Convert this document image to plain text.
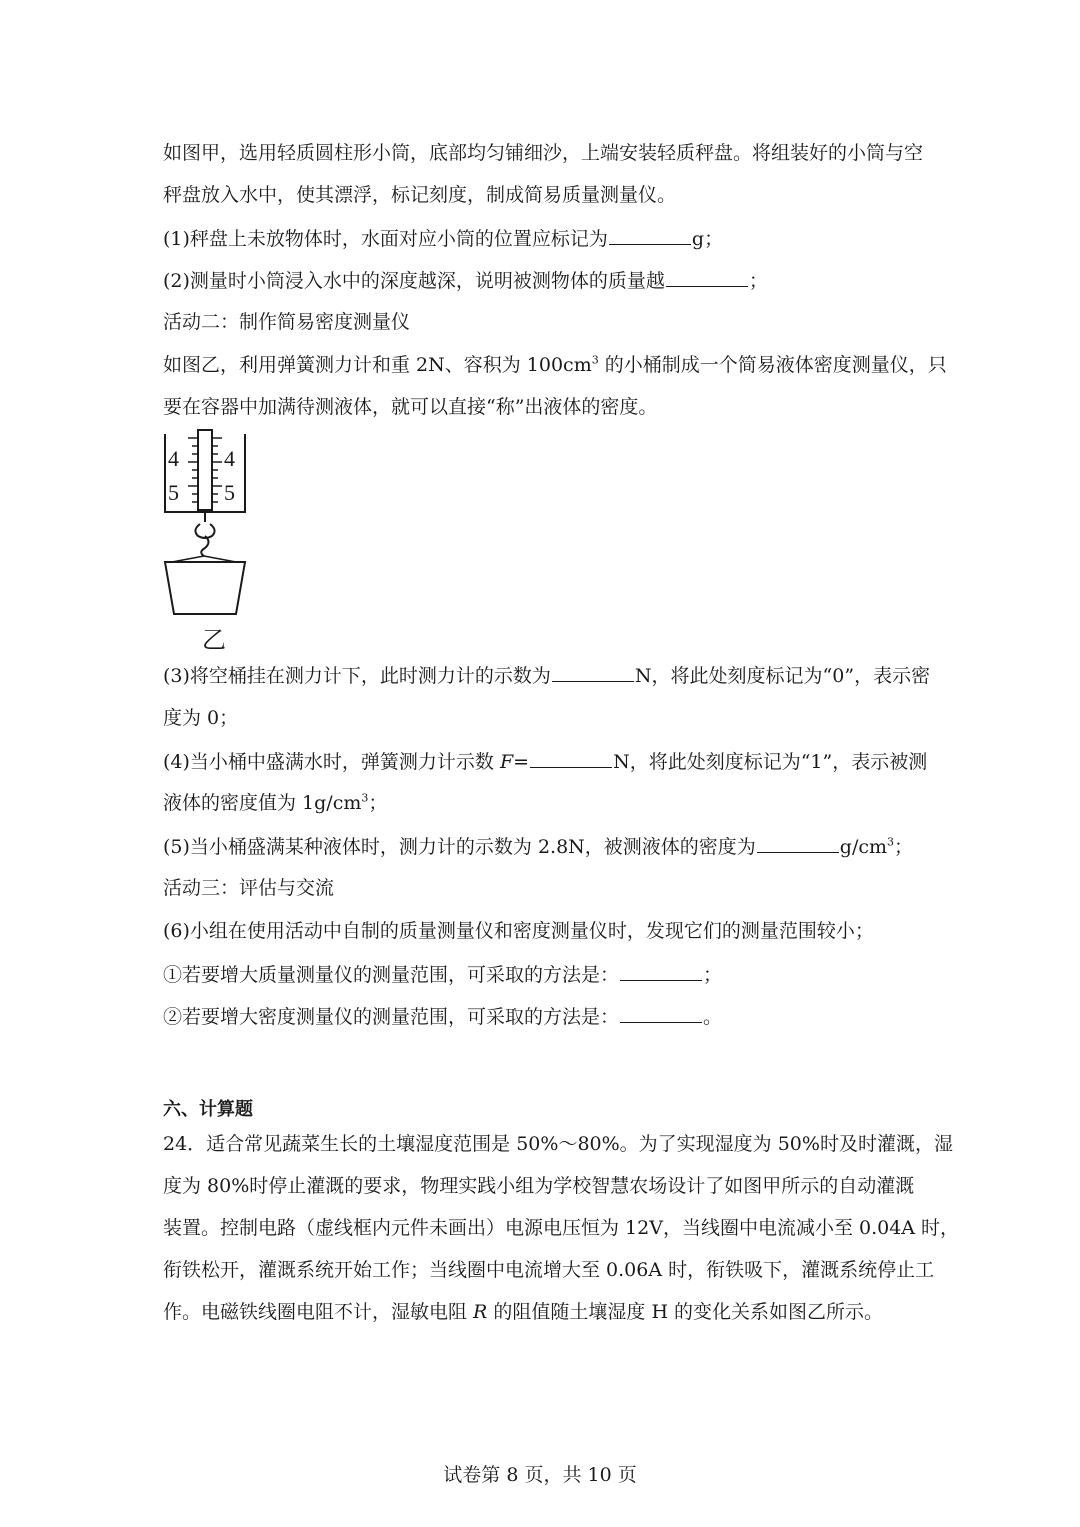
如图甲，选用轻质圆柱形小筒，底部均匀铺细沙，上端安装轻质秤盘。将组装好的小筒与空
秤盘放入水中，使其漂浮，标记刻度，制成简易质量测量仪。
(1)秤盘上未放物体时，水面对应小筒的位置应标记为	g；
(2)测量时小筒浸入水中的深度越深，说明被测物体的质量越	；
活动二：制作简易密度测量仪
如图乙，利用弹簧测力计和重 2N、容积为 $100cm^3$ 的小桶制成一个简易液体密度测量仪，只
要在容器中加满待测液体，就可以直接“称”出液体的密度。
4 4
5 5
乙
(3)将空桶挂在测力计下，此时测力计的示数为	N，将此处刻度标记为“0”，表示密
度为 0；
(4)当小桶中盛满水时，弹簧测力计示数 F=	N，将此处刻度标记为“1”，表示被测
液体的密度值为 $1g/cm^3$；
(5)当小桶盛满某种液体时，测力计的示数为 2.8N，被测液体的密度为	$g/cm^3$；
活动三：评估与交流
(6)小组在使用活动中自制的质量测量仪和密度测量仪时，发现它们的测量范围较小；
①若要增大质量测量仪的测量范围，可采取的方法是：	；
②若要增大密度测量仪的测量范围，可采取的方法是：	。
六、计算题
24．适合常见蔬菜生长的土壤湿度范围是 50%～80%。为了实现湿度为 50%时及时灌溉，湿
度为 80%时停止灌溉的要求，物理实践小组为学校智慧农场设计了如图甲所示的自动灌溉
装置。控制电路（虚线框内元件未画出）电源电压恒为 12V，当线圈中电流减小至 0.04A 时，
衔铁松开，灌溉系统开始工作；当线圈中电流增大至 0.06A 时，衔铁吸下，灌溉系统停止工
作。电磁铁线圈电阻不计，湿敏电阻 R 的阻值随土壤湿度 H 的变化关系如图乙所示。
试卷第 8 页，共 10 页
